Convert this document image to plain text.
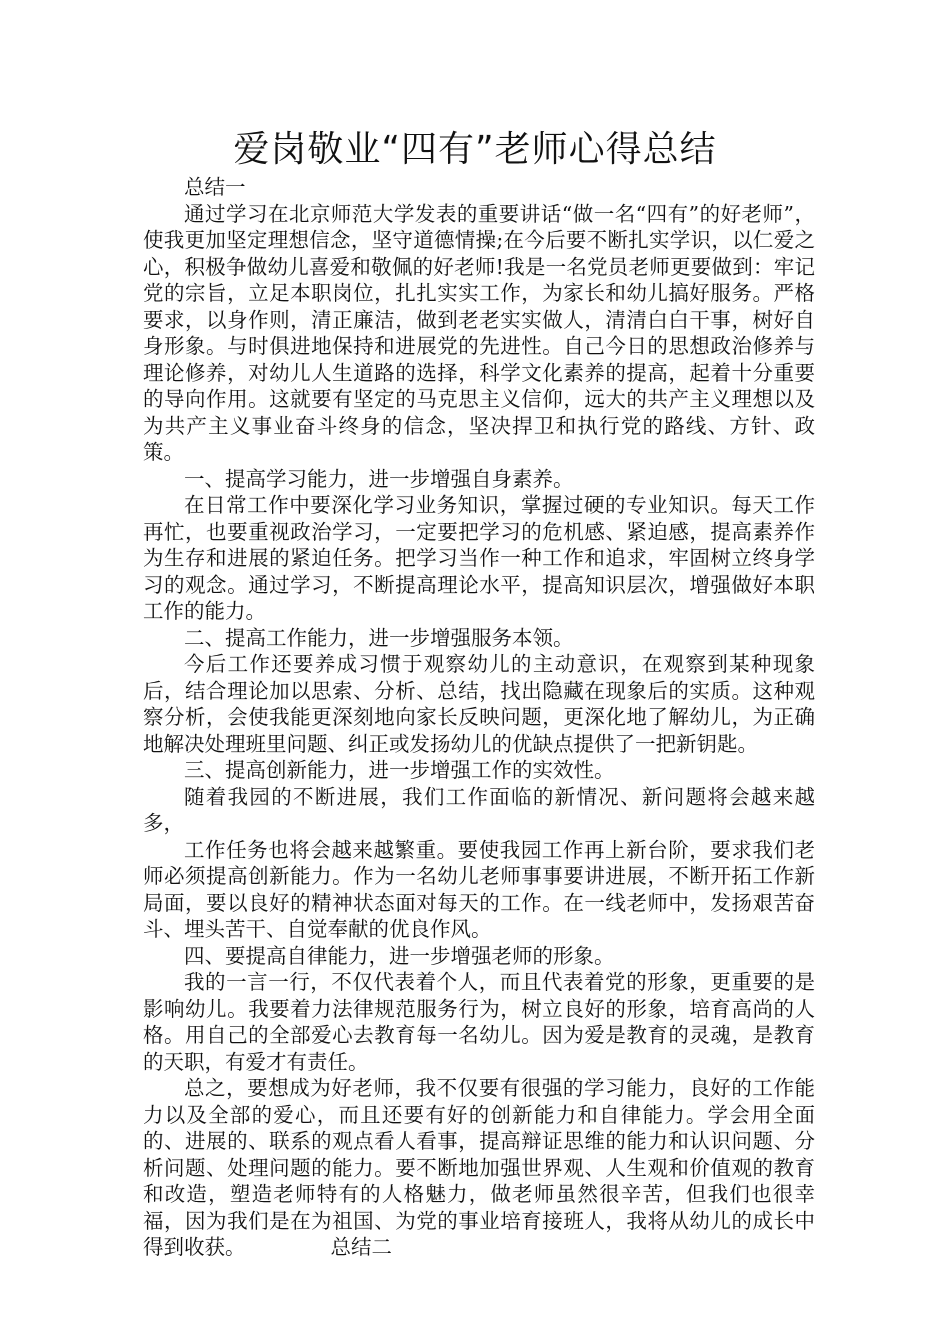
爱岗敬业“四有”老师心得总结

总结一

通过学习在北京师范大学发表的重要讲话“做一名“四有”的好老师”，使我更加坚定理想信念，坚守道德情操;在今后要不断扎实学识，以仁爱之心，积极争做幼儿喜爱和敬佩的好老师!我是一名党员老师更要做到：牢记党的宗旨，立足本职岗位，扎扎实实工作，为家长和幼儿搞好服务。严格要求，以身作则，清正廉洁，做到老老实实做人，清清白白干事，树好自身形象。与时俱进地保持和进展党的先进性。自己今日的思想政治修养与理论修养，对幼儿人生道路的选择，科学文化素养的提高，起着十分重要的导向作用。这就要有坚定的马克思主义信仰，远大的共产主义理想以及为共产主义事业奋斗终身的信念，坚决捍卫和执行党的路线、方针、政策。

一、提高学习能力，进一步增强自身素养。

在日常工作中要深化学习业务知识，掌握过硬的专业知识。每天工作再忙，也要重视政治学习，一定要把学习的危机感、紧迫感，提高素养作为生存和进展的紧迫任务。把学习当作一种工作和追求，牢固树立终身学习的观念。通过学习，不断提高理论水平，提高知识层次，增强做好本职工作的能力。

二、提高工作能力，进一步增强服务本领。

今后工作还要养成习惯于观察幼儿的主动意识，在观察到某种现象后，结合理论加以思索、分析、总结，找出隐藏在现象后的实质。这种观察分析，会使我能更深刻地向家长反映问题，更深化地了解幼儿，为正确地解决处理班里问题、纠正或发扬幼儿的优缺点提供了一把新钥匙。

三、提高创新能力，进一步增强工作的实效性。

随着我园的不断进展，我们工作面临的新情况、新问题将会越来越多，

工作任务也将会越来越繁重。要使我园工作再上新台阶，要求我们老师必须提高创新能力。作为一名幼儿老师事事要讲进展，不断开拓工作新局面，要以良好的精神状态面对每天的工作。在一线老师中，发扬艰苦奋斗、埋头苦干、自觉奉献的优良作风。

四、要提高自律能力，进一步增强老师的形象。

我的一言一行，不仅代表着个人，而且代表着党的形象，更重要的是影响幼儿。我要着力法律规范服务行为，树立良好的形象，培育高尚的人格。用自己的全部爱心去教育每一名幼儿。因为爱是教育的灵魂，是教育的天职，有爱才有责任。

总之，要想成为好老师，我不仅要有很强的学习能力，良好的工作能力以及全部的爱心，而且还要有好的创新能力和自律能力。学会用全面的、进展的、联系的观点看人看事，提高辩证思维的能力和认识问题、分析问题、处理问题的能力。要不断地加强世界观、人生观和价值观的教育和改造，塑造老师特有的人格魅力，做老师虽然很辛苦，但我们也很幸福，因为我们是在为祖国、为党的事业培育接班人，我将从幼儿的成长中得到收获。	总结二
